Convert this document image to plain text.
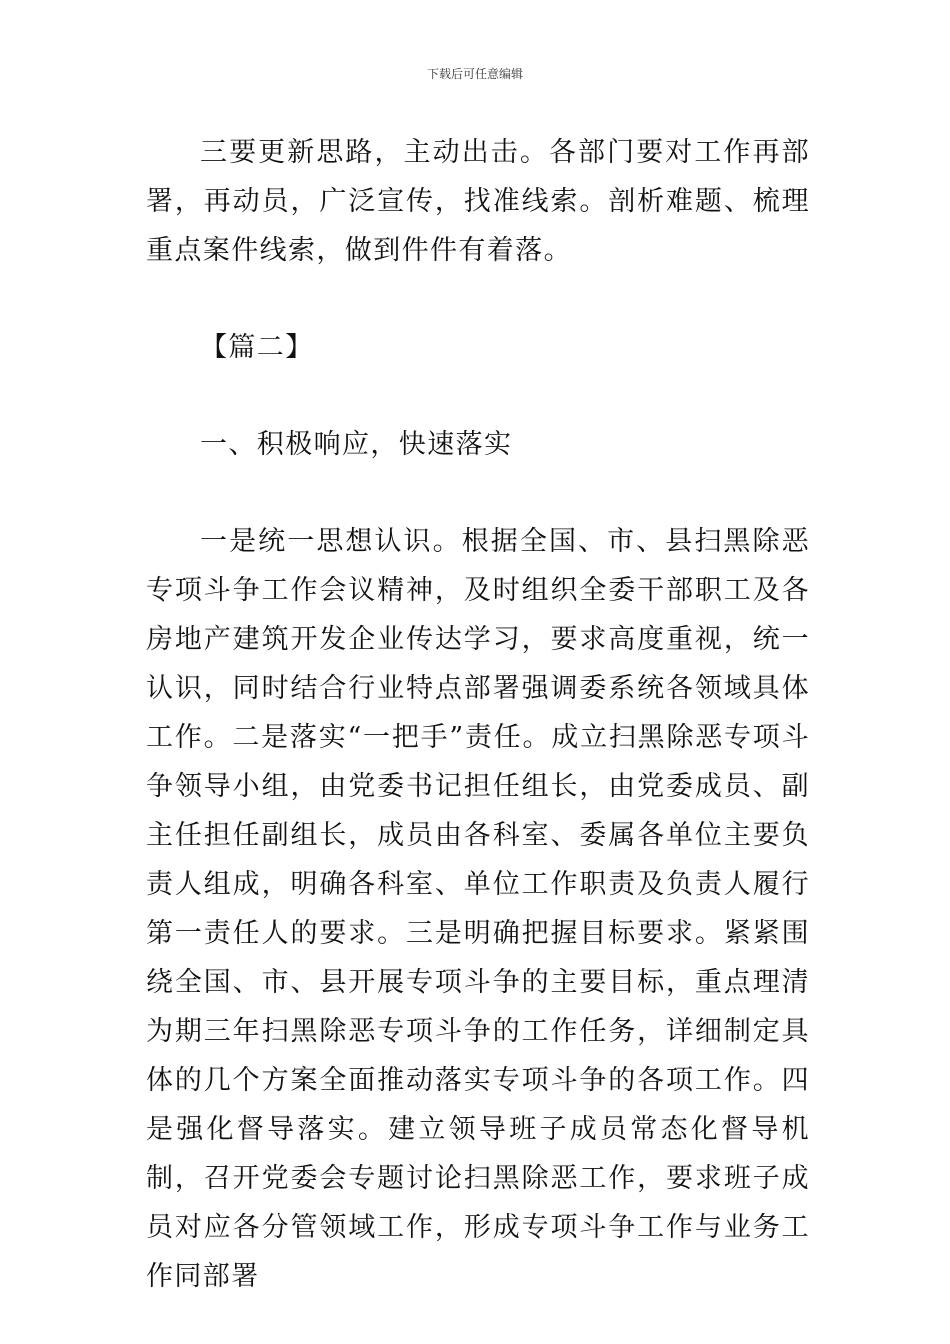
下载后可任意编辑

三要更新思路，主动出击。各部门要对工作再部署，再动员，广泛宣传，找准线索。剖析难题、梳理重点案件线索，做到件件有着落。

【篇二】

一、积极响应，快速落实

一是统一思想认识。根据全国、市、县扫黑除恶专项斗争工作会议精神，及时组织全委干部职工及各房地产建筑开发企业传达学习，要求高度重视，统一认识，同时结合行业特点部署强调委系统各领域具体工作。二是落实“一把手”责任。成立扫黑除恶专项斗争领导小组，由党委书记担任组长，由党委成员、副主任担任副组长，成员由各科室、委属各单位主要负责人组成，明确各科室、单位工作职责及负责人履行第一责任人的要求。三是明确把握目标要求。紧紧围绕全国、市、县开展专项斗争的主要目标，重点理清为期三年扫黑除恶专项斗争的工作任务，详细制定具体的几个方案全面推动落实专项斗争的各项工作。四是强化督导落实。建立领导班子成员常态化督导机制，召开党委会专题讨论扫黑除恶工作，要求班子成员对应各分管领域工作，形成专项斗争工作与业务工作同部署
